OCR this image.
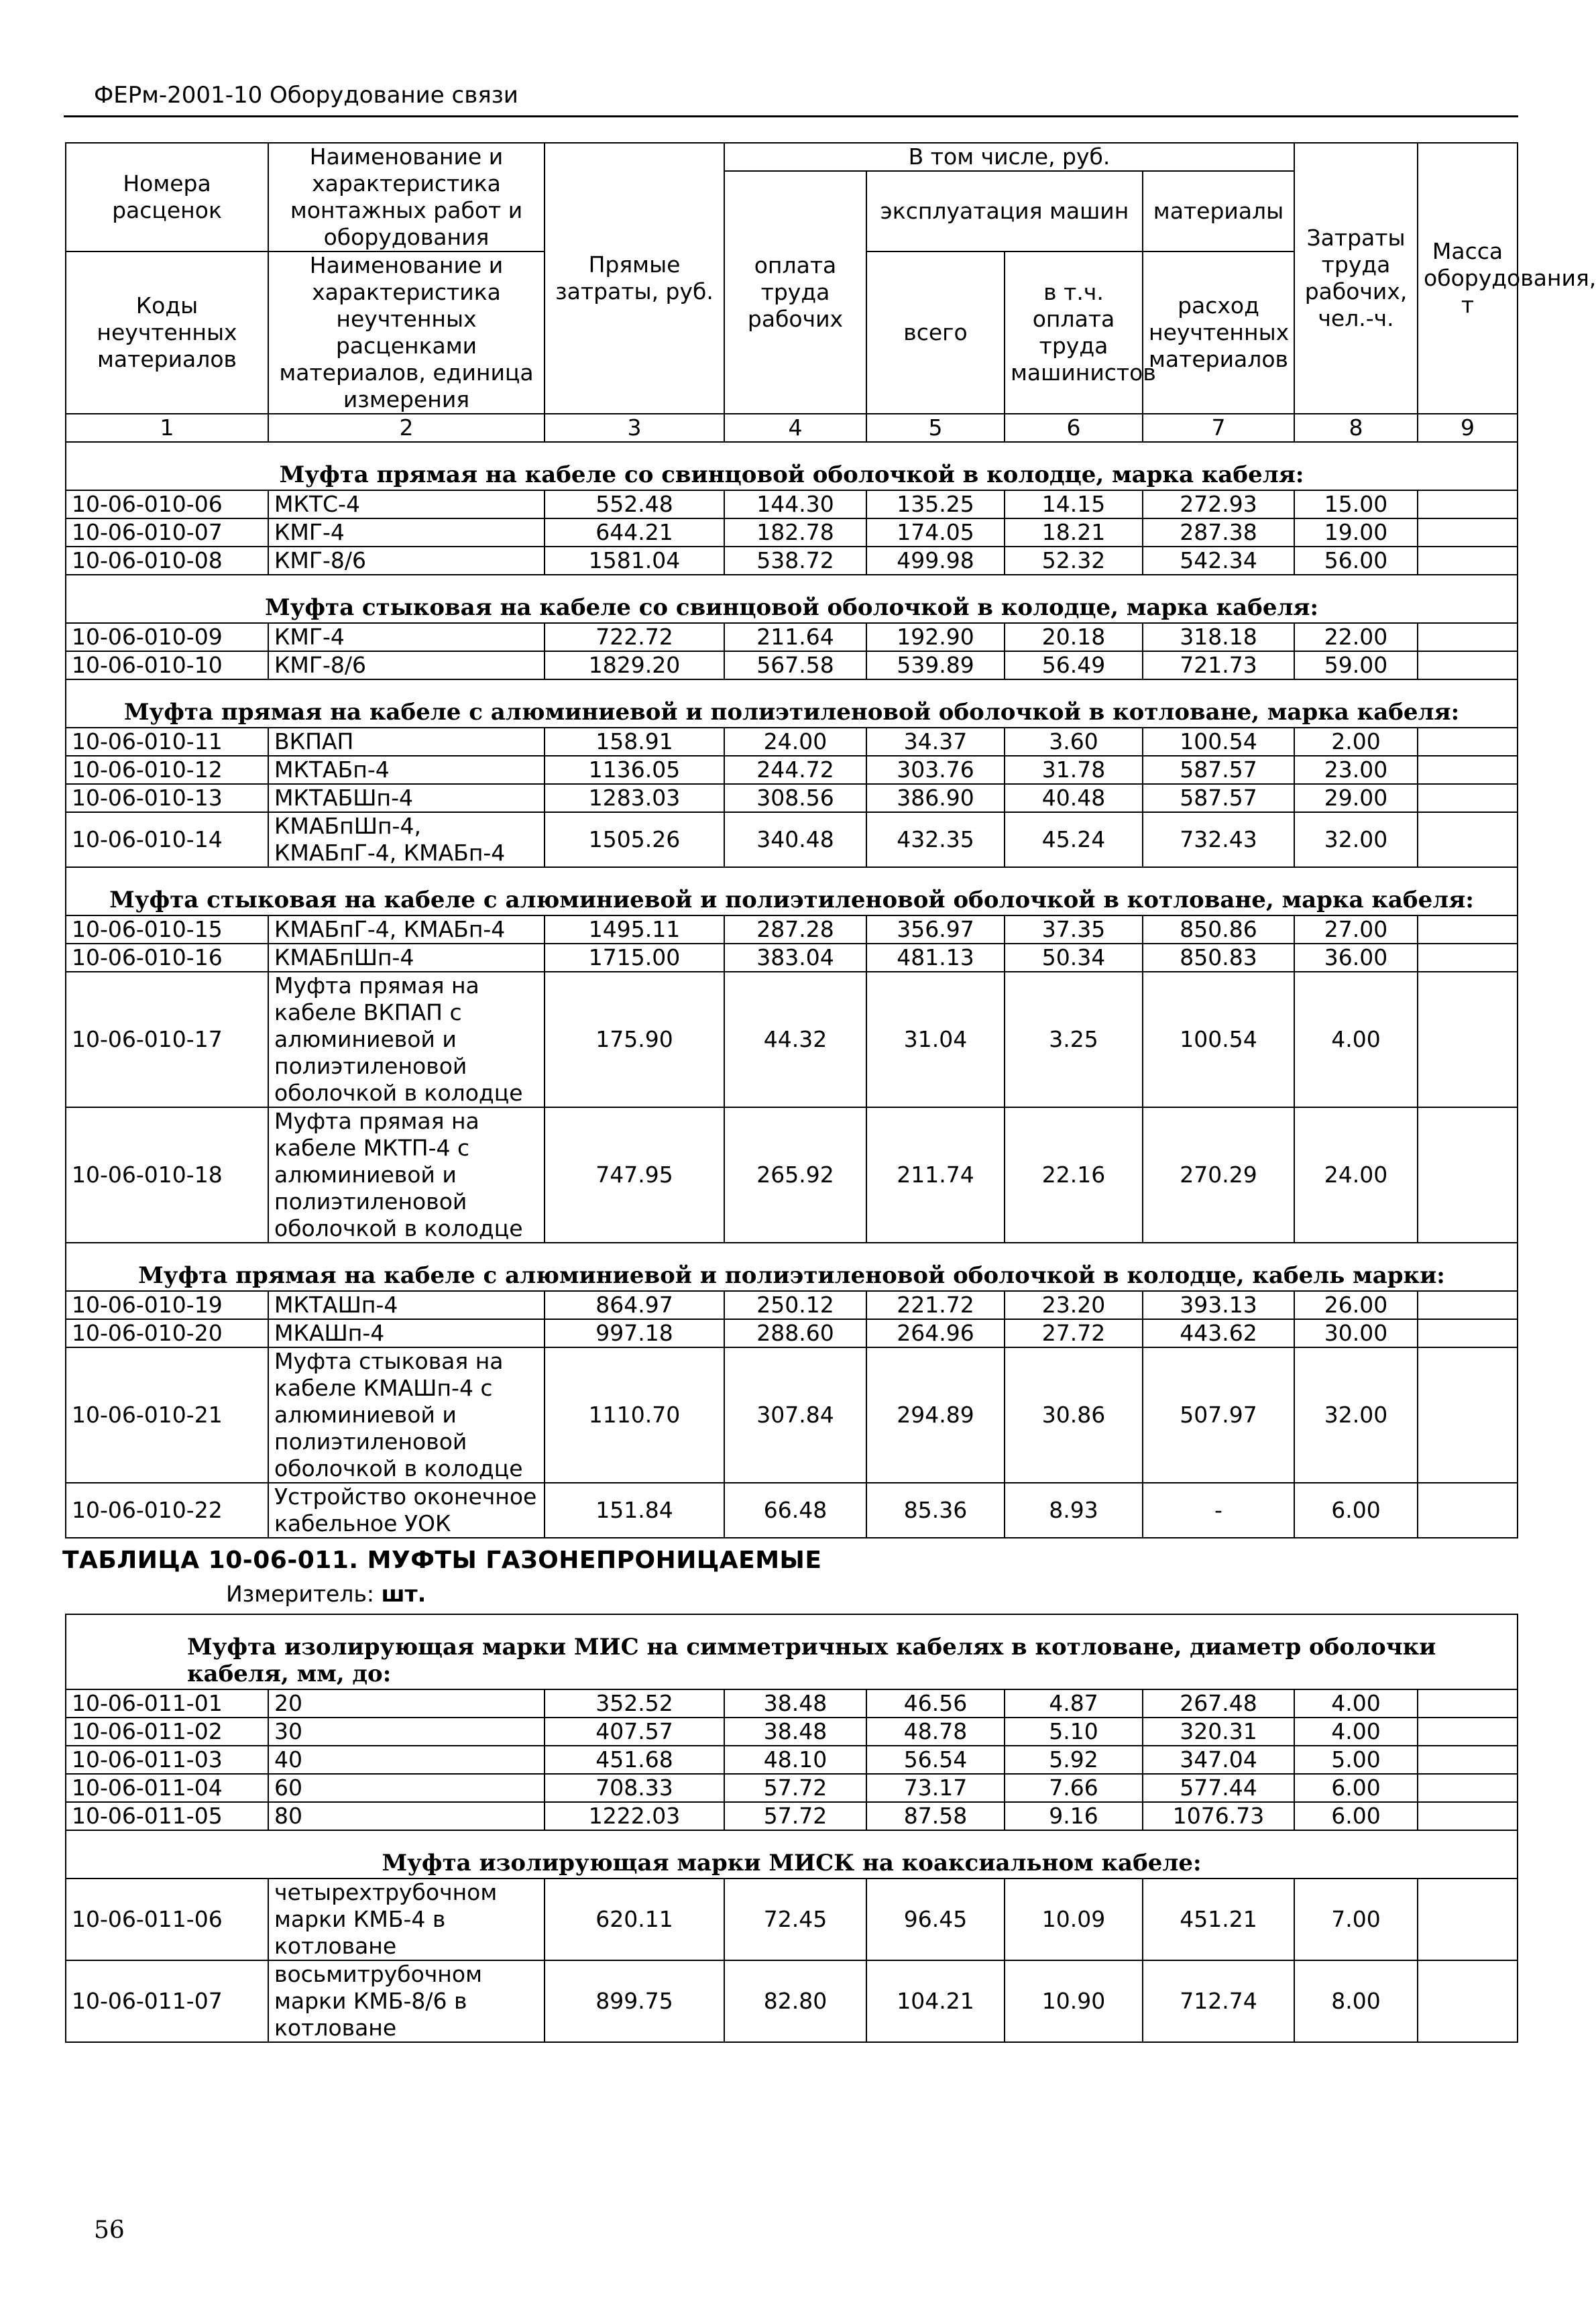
ФЕРм-2001-10 Оборудование связи
Номера расценок	Наименование и характеристика монтажных работ и оборудования	Прямые затраты, руб.	В том числе, руб.				Затраты труда рабочих, чел.-ч.	Масса оборудования, т
			оплата труда рабочих	эксплуатация машин		материалы		
Коды неучтенных материалов	Наименование и характеристика неучтенных расценками материалов, единица измерения			всего	в т.ч. оплата труда машинистов	расход неучтенных материалов		

1	2	3	4	5	6	7	8	9
Муфта прямая на кабеле со свинцовой оболочкой в колодце, марка кабеля:								
10-06-010-06	МКТС-4	552.48	144.30	135.25	14.15	272.93	15.00	
10-06-010-07	КМГ-4	644.21	182.78	174.05	18.21	287.38	19.00	
10-06-010-08	КМГ-8/6	1581.04	538.72	499.98	52.32	542.34	56.00	
Муфта стыковая на кабеле со свинцовой оболочкой в колодце, марка кабеля:								
10-06-010-09	КМГ-4	722.72	211.64	192.90	20.18	318.18	22.00	
10-06-010-10	КМГ-8/6	1829.20	567.58	539.89	56.49	721.73	59.00	
Муфта прямая на кабеле с алюминиевой и полиэтиленовой оболочкой в котловане, марка кабеля:								
10-06-010-11	ВКПАП	158.91	24.00	34.37	3.60	100.54	2.00	
10-06-010-12	МКТАБп-4	1136.05	244.72	303.76	31.78	587.57	23.00	
10-06-010-13	МКТАБШп-4	1283.03	308.56	386.90	40.48	587.57	29.00	
10-06-010-14	КМАБпШп-4, КМАБпГ-4, КМАБп-4	1505.26	340.48	432.35	45.24	732.43	32.00	
Муфта стыковая на кабеле с алюминиевой и полиэтиленовой оболочкой в котловане, марка кабеля:								
10-06-010-15	КМАБпГ-4, КМАБп-4	1495.11	287.28	356.97	37.35	850.86	27.00	
10-06-010-16	КМАБпШп-4	1715.00	383.04	481.13	50.34	850.83	36.00	
10-06-010-17	Муфта прямая на кабеле ВКПАП с алюминиевой и полиэтиленовой оболочкой в колодце	175.90	44.32	31.04	3.25	100.54	4.00	
10-06-010-18	Муфта прямая на кабеле МКТП-4 с алюминиевой и полиэтиленовой оболочкой в колодце	747.95	265.92	211.74	22.16	270.29	24.00	
Муфта прямая на кабеле с алюминиевой и полиэтиленовой оболочкой в колодце, кабель марки:								
10-06-010-19	МКТАШп-4	864.97	250.12	221.72	23.20	393.13	26.00	
10-06-010-20	МКАШп-4	997.18	288.60	264.96	27.72	443.62	30.00	
10-06-010-21	Муфта стыковая на кабеле КМАШп-4 с алюминиевой и полиэтиленовой оболочкой в колодце	1110.70	307.84	294.89	30.86	507.97	32.00	
10-06-010-22	Устройство оконечное кабельное УОК	151.84	66.48	85.36	8.93	-	6.00	
ТАБЛИЦА 10-06-011. МУФТЫ ГАЗОНЕПРОНИЦАЕМЫЕ
Измеритель: шт.
Муфта изолирующая марки МИС на симметричных кабелях в котловане, диаметр оболочки кабеля, мм, до:								
10-06-011-01	20	352.52	38.48	46.56	4.87	267.48	4.00	
10-06-011-02	30	407.57	38.48	48.78	5.10	320.31	4.00	
10-06-011-03	40	451.68	48.10	56.54	5.92	347.04	5.00	
10-06-011-04	60	708.33	57.72	73.17	7.66	577.44	6.00	
10-06-011-05	80	1222.03	57.72	87.58	9.16	1076.73	6.00	
Муфта изолирующая марки МИСК на коаксиальном кабеле:								
10-06-011-06	четырехтрубочном марки КМБ-4 в котловане	620.11	72.45	96.45	10.09	451.21	7.00	
10-06-011-07	восьмитрубочном марки КМБ-8/6 в котловане	899.75	82.80	104.21	10.90	712.74	8.00	
56
